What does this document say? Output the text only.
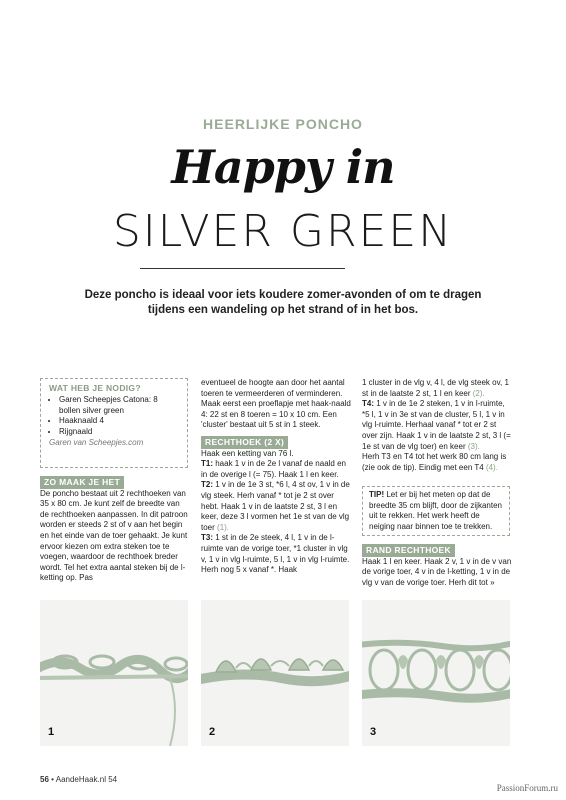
HEERLIJKE PONCHO
Happy in
SILVER GREEN
Deze poncho is ideaal voor iets koudere zomer-avonden of om te dragen tijdens een wandeling op het strand of in het bos.
WAT HEB JE NODIG?
• Garen Scheepjes Catona: 8 bollen silver green
• Haaknaald 4
• Rijgnaald
Garen van Scheepjes.com
ZO MAAK JE HET

De poncho bestaat uit 2 rechthoeken van 35 x 80 cm. Je kunt zelf de breedte van de rechthoeken aanpassen. In dit patroon worden er steeds 2 st of v aan het begin en het einde van de toer gehaakt. Je kunt ervoor kiezen om extra steken toe te voegen, waardoor de rechthoek breder wordt. Tel het extra aantal steken bij de l-ketting op. Pas

eventueel de hoogte aan door het aantal toeren te vermeerderen of verminderen. Maak eerst een proeflapje met haak-naald 4: 22 st en 8 toeren = 10 x 10 cm. Een 'cluster' bestaat uit 5 st in 1 steek.

RECHTHOEK (2 X)

Haak een ketting van 76 l.

T1: haak 1 v in de 2e l vanaf de naald en in de overige l (= 75). Haak 1 l en keer.

T2: 1 v in de 1e 3 st, *6 l, 4 st ov, 1 v in de vlg steek. Herh vanaf * tot je 2 st over hebt. Haak 1 v in de laatste 2 st, 3 l en keer, deze 3 l vormen het 1e st van de vlg toer (1).

T3: 1 st in de 2e steek, 4 l, 1 v in de l-ruimte van de vorige toer, *1 cluster in vlg v, 1 v in vlg l-ruimte, 5 l, 1 v in vlg l-ruimte. Herh nog 5 x vanaf *. Haak

1 cluster in de vlg v, 4 l, de vlg steek ov, 1 st in de laatste 2 st, 1 l en keer (2).

T4: 1 v in de 1e 2 steken, 1 v in l-ruimte, *5 l, 1 v in 3e st van de cluster, 5 l, 1 v in vlg l-ruimte. Herhaal vanaf * tot er 2 st over zijn. Haak 1 v in de laatste 2 st, 3 l (= 1e st van de vlg toer) en keer (3).

Herh T3 en T4 tot het werk 80 cm lang is (zie ook de tip). Eindig met een T4 (4).

TIP! Let er bij het meten op dat de breedte 35 cm blijft, door de zijkanten uit te rekken. Het werk heeft de neiging naar binnen toe te trekken.
RAND RECHTHOEK

Haak 1 l en keer. Haak 2 v, 1 v in de v van de vorige toer, 4 v in de l-ketting, 1 v in de vlg v van de vorige toer. Herh dit tot »

1	2	3
56 • AandeHaak.nl 54
PassionForum.ru
